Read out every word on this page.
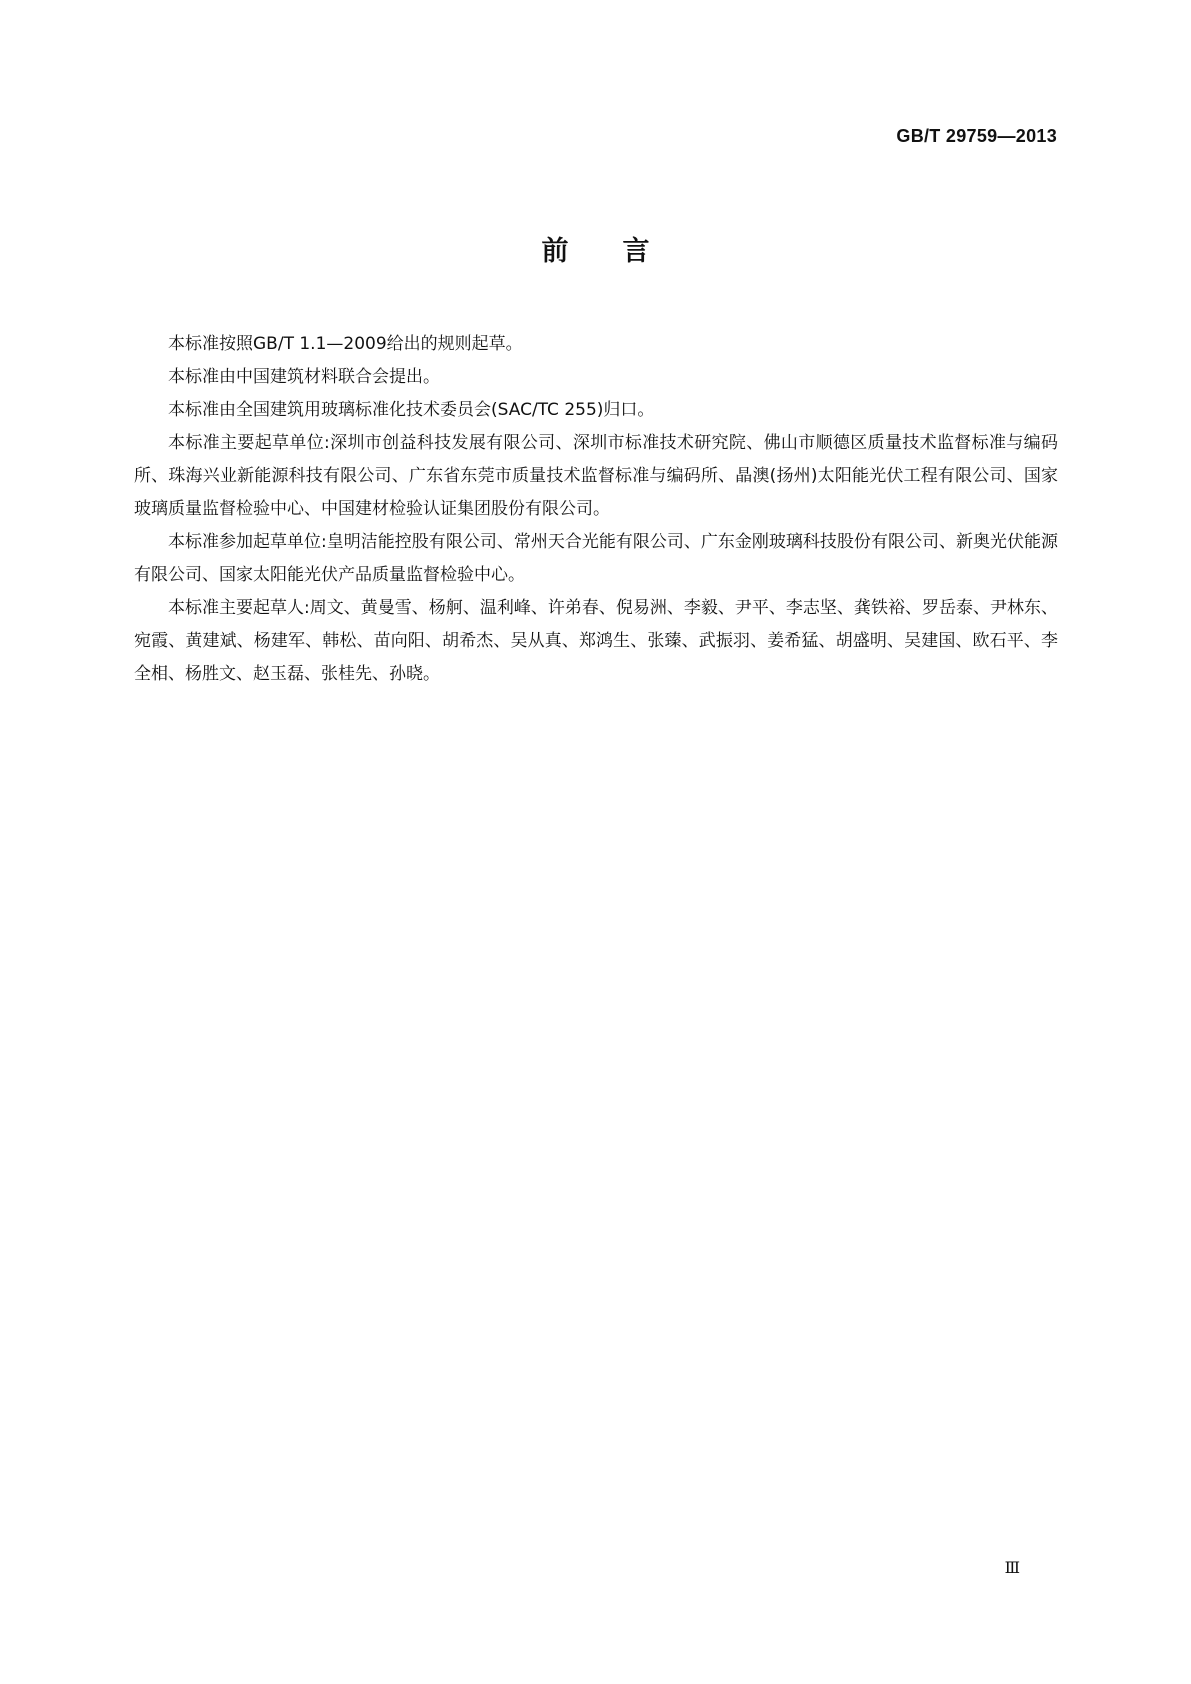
GB/T 29759—2013
前言

本标准按照GB/T 1.1—2009给出的规则起草。

本标准由中国建筑材料联合会提出。

本标准由全国建筑用玻璃标准化技术委员会(SAC/TC 255)归口。

本标准主要起草单位:深圳市创益科技发展有限公司、深圳市标准技术研究院、佛山市顺德区质量技术监督标准与编码所、珠海兴业新能源科技有限公司、广东省东莞市质量技术监督标准与编码所、晶澳(扬州)太阳能光伏工程有限公司、国家玻璃质量监督检验中心、中国建材检验认证集团股份有限公司。

本标准参加起草单位:皇明洁能控股有限公司、常州天合光能有限公司、广东金刚玻璃科技股份有限公司、新奥光伏能源有限公司、国家太阳能光伏产品质量监督检验中心。

本标准主要起草人:周文、黄曼雪、杨舸、温利峰、许弟春、倪易洲、李毅、尹平、李志坚、龚铁裕、罗岳泰、尹林东、宛霞、黄建斌、杨建军、韩松、苗向阳、胡希杰、吴从真、郑鸿生、张臻、武振羽、姜希猛、胡盛明、吴建国、欧石平、李全相、杨胜文、赵玉磊、张桂先、孙晓。

Ⅲ
